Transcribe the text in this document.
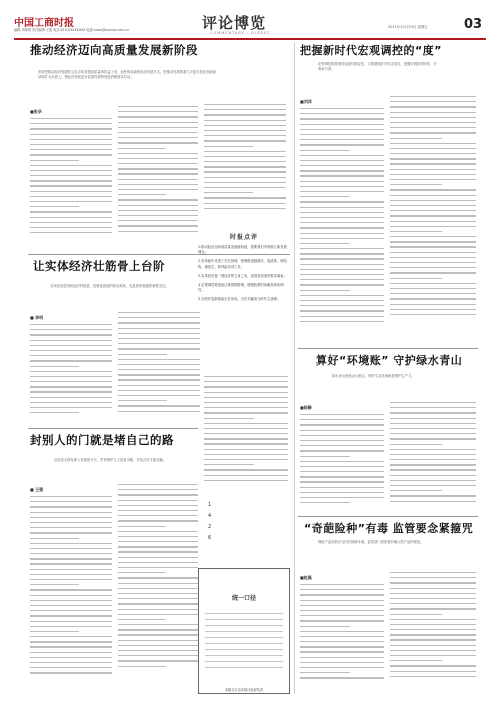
中国工商时报
编辑:李晓明 责任编辑:王凯 电话:010-XXXXXXXX 电邮:news@xxxxxx.com.cn	评论博览
COMMENTARY · DIGEST
2011年12月23日 星期五	03
推动经济迈向高质量发展新阶段
坚持把推动经济发展的立足点转到提高质量和效益上来，加快形成新的经济发展方式，把推动发展的着力点更多放在创新驱动和扩大内需上，使经济发展更多依靠内需特别是消费需求拉动。
■张华
让实体经济壮筋骨上台阶
实体经济是国民经济的根基，是财富创造的根本源泉，也是国家强盛的重要支柱。
■ 李明
封别人的门就是堵自己的路
在经济全球化深入发展的今天，贸易保护主义没有出路，开放合作才能共赢。
■ 王强
时报点评
1.推动经济迈向高质量发展新阶段，需要我们牢固树立新发展理念。
2.坚持稳中求进工作总基调，统筹推进稳增长、促改革、调结构、惠民生、防风险各项工作。
3.实体经济是一国经济的立身之本，是财富创造的根本源泉。
4.宏观调控要更加注重预期管理，增强政策的前瞻性和协调性。
5.全面开放新格局正在形成，合作共赢成为时代主旋律。
1
4
2
6
统一口径
本版文字由本报评论部负责
把握新时代宏观调控的“度”
宏观调控既要保持连续性稳定性，又要增强针对性灵活性，把握好调控的时机、节奏和力度。
■刘洋
算好“环境账” 守护绿水青山
绿水青山就是金山银山，保护生态环境就是保护生产力。
■陈静
“奇葩险种”有毒 监管要念紧箍咒
保险产品创新应当回归保障本源，监管部门须加强对噱头型产品的规范。
■赵磊
